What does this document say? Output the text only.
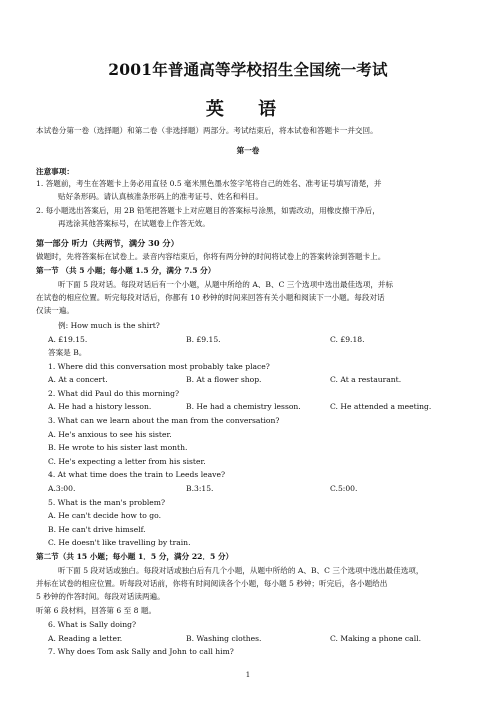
2001年普通高等学校招生全国统一考试
英 语
本试卷分第一卷（选择题）和第二卷（非选择题）两部分。考试结束后，将本试卷和答题卡一并交回。
第一卷
注意事项：
1. 答题前，考生在答题卡上务必用直径 0.5 毫米黑色墨水签字笔将自己的姓名、准考证号填写清楚，并
贴好条形码。请认真核准条形码上的准考证号、姓名和科目。
2. 每小题选出答案后，用 2B 铅笔把答题卡上对应题目的答案标号涂黑，如需改动，用橡皮擦干净后，
再选涂其他答案标号，在试题卷上作答无效。
第一部分 听力（共两节，满分 30 分）
做题时，先将答案标在试卷上。录音内容结束后，你将有两分钟的时间将试卷上的答案转涂到答题卡上。
第一节 （共 5 小题；每小题 1.5 分，满分 7.5 分）
听下面 5 段对话。每段对话后有一个小题，从题中所给的 A、B、C 三个选项中选出最佳选项，并标
在试卷的相应位置。听完每段对话后，你都有 10 秒钟的时间来回答有关小题和阅读下一小题。每段对话
仅读一遍。
例: How much is the shirt?
A. £19.15.	B. £9.15.	C. £9.18.
答案是 B。
1. Where did this conversation most probably take place?
A. At a concert.	B. At a flower shop.	C. At a restaurant.
2. What did Paul do this morning?
A. He had a history lesson.	B. He had a chemistry lesson.	C. He attended a meeting.
3. What can we learn about the man from the conversation?
A. He's anxious to see his sister.
B. He wrote to his sister last month.
C. He's expecting a letter from his sister.
4. At what time does the train to Leeds leave?
A.3:00.	B.3:15.	C.5:00.
5. What is the man's problem?
A. He can't decide how to go.
B. He can't drive himself.
C. He doesn't like travelling by train.
第二节（共 15 小题；每小题 1．5 分，满分 22．5 分）
听下面 5 段对话或独白。每段对话或独白后有几个小题，从题中所给的 A、B、C 三个选项中选出最佳选项，
并标在试卷的相应位置。听每段对话前，你将有时间阅读各个小题，每小题 5 秒钟；听完后，各小题给出
5 秒钟的作答时间。每段对话读两遍。
听第 6 段材料，回答第 6 至 8 题。
6. What is Sally doing?
A. Reading a letter.	B. Washing clothes.	C. Making a phone call.
7. Why does Tom ask Sally and John to call him?
1
